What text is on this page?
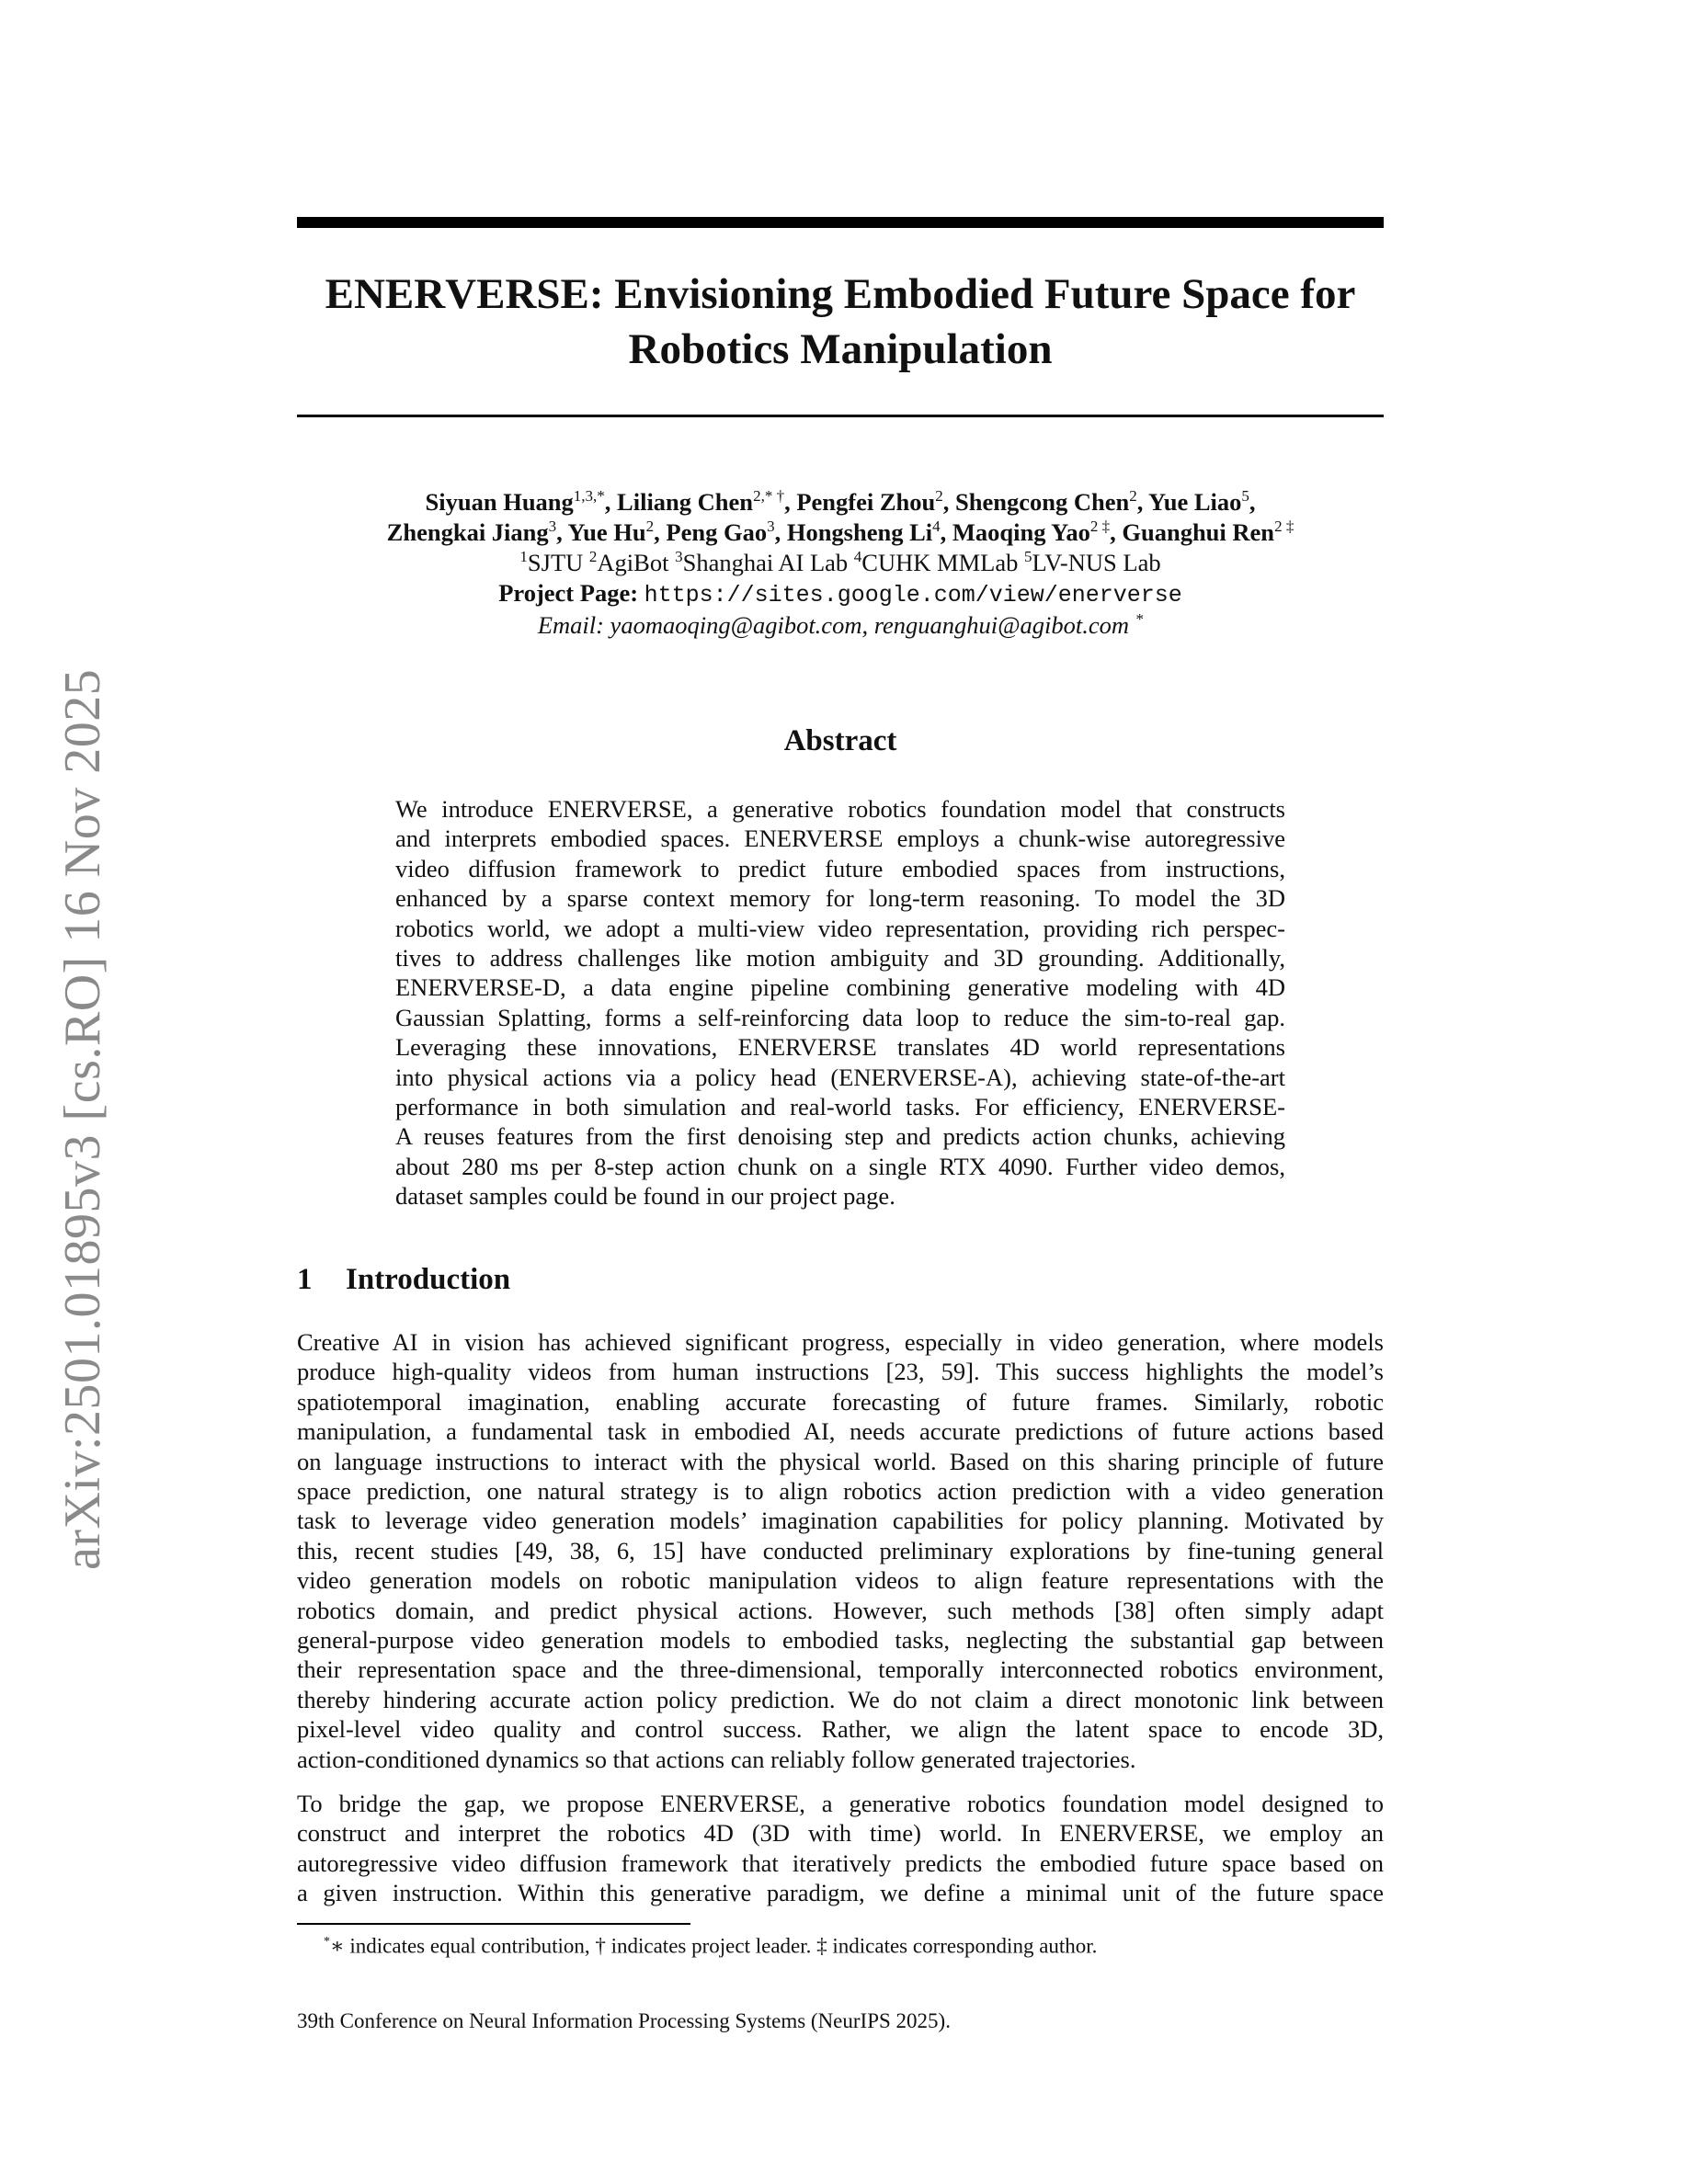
arXiv:2501.01895v3 [cs.RO] 16 Nov 2025
ENERVERSE: Envisioning Embodied Future Space for
Robotics Manipulation
Siyuan Huang$^{1,3,*}$, Liliang Chen$^{2,* \dagger}$, Pengfei Zhou$^2$, Shengcong Chen$^2$, Yue Liao$^5$,
Zhengkai Jiang$^3$, Yue Hu$^2$, Peng Gao$^3$, Hongsheng Li$^4$, Maoqing Yao$^{2 \ddagger}$, Guanghui Ren$^{2 \ddagger}$
$^1$SJTU $^2$AgiBot $^3$Shanghai AI Lab $^4$CUHK MMLab $^5$LV-NUS Lab
Project Page: https://sites.google.com/view/enerverse
Email: yaomaoqing@agibot.com, renguanghui@agibot.com *
Abstract
We introduce ENERVERSE, a generative robotics foundation model that constructs
and interprets embodied spaces. ENERVERSE employs a chunk-wise autoregressive
video diffusion framework to predict future embodied spaces from instructions,
enhanced by a sparse context memory for long-term reasoning. To model the 3D
robotics world, we adopt a multi-view video representation, providing rich perspec-
tives to address challenges like motion ambiguity and 3D grounding. Additionally,
ENERVERSE-D, a data engine pipeline combining generative modeling with 4D
Gaussian Splatting, forms a self-reinforcing data loop to reduce the sim-to-real gap.
Leveraging these innovations, ENERVERSE translates 4D world representations
into physical actions via a policy head (ENERVERSE-A), achieving state-of-the-art
performance in both simulation and real-world tasks. For efficiency, ENERVERSE-
A reuses features from the first denoising step and predicts action chunks, achieving
about 280 ms per 8-step action chunk on a single RTX 4090. Further video demos,
dataset samples could be found in our project page.
1 Introduction
Creative AI in vision has achieved significant progress, especially in video generation, where models
produce high-quality videos from human instructions [23, 59]. This success highlights the model’s
spatiotemporal imagination, enabling accurate forecasting of future frames. Similarly, robotic
manipulation, a fundamental task in embodied AI, needs accurate predictions of future actions based
on language instructions to interact with the physical world. Based on this sharing principle of future
space prediction, one natural strategy is to align robotics action prediction with a video generation
task to leverage video generation models’ imagination capabilities for policy planning. Motivated by
this, recent studies [49, 38, 6, 15] have conducted preliminary explorations by fine-tuning general
video generation models on robotic manipulation videos to align feature representations with the
robotics domain, and predict physical actions. However, such methods [38] often simply adapt
general-purpose video generation models to embodied tasks, neglecting the substantial gap between
their representation space and the three-dimensional, temporally interconnected robotics environment,
thereby hindering accurate action policy prediction. We do not claim a direct monotonic link between
pixel-level video quality and control success. Rather, we align the latent space to encode 3D,
action-conditioned dynamics so that actions can reliably follow generated trajectories.
To bridge the gap, we propose ENERVERSE, a generative robotics foundation model designed to
construct and interpret the robotics 4D (3D with time) world. In ENERVERSE, we employ an
autoregressive video diffusion framework that iteratively predicts the embodied future space based on
a given instruction. Within this generative paradigm, we define a minimal unit of the future space
*∗ indicates equal contribution, † indicates project leader. ‡ indicates corresponding author.
39th Conference on Neural Information Processing Systems (NeurIPS 2025).
